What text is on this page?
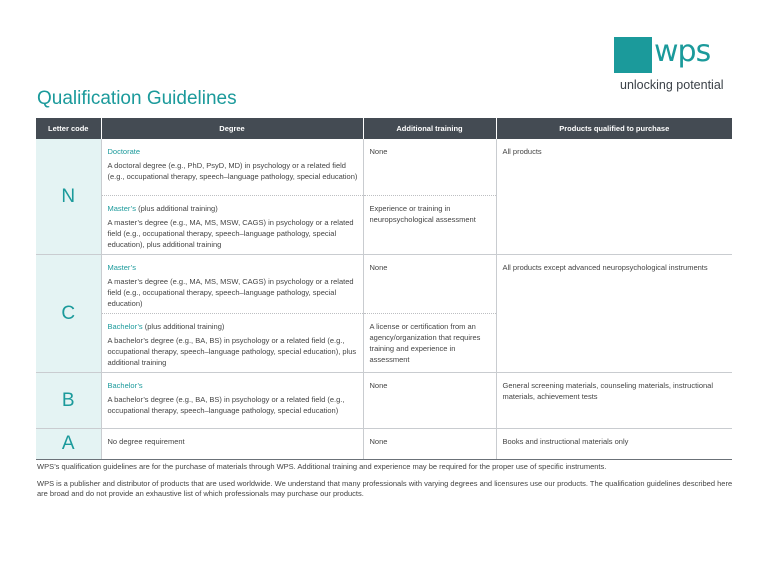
wps
unlocking potential
Qualification Guidelines
Letter code	Degree	Additional training	Products qualified to purchase
N	Doctorate
A doctoral degree (e.g., PhD, PsyD, MD) in psychology or a related field (e.g., occupational therapy, speech–language pathology, special education)	None	All products

	Master’s (plus additional training)
A master’s degree (e.g., MA, MS, MSW, CAGS) in psychology or a related field (e.g., occupational therapy, speech–language pathology, special education), plus additional training	Experience or training in neuropsychological assessment	
C	Master’s
A master’s degree (e.g., MA, MS, MSW, CAGS) in psychology or a related field (e.g., occupational therapy, speech–language pathology, special education)	None	All products except advanced neuropsychological instruments

	Bachelor’s (plus additional training)
A bachelor’s degree (e.g., BA, BS) in psychology or a related field (e.g., occupational therapy, speech–language pathology, special education), plus additional training	A license or certification from an agency/organization that requires training and experience in assessment	
B	Bachelor’s
A bachelor’s degree (e.g., BA, BS) in psychology or a related field (e.g., occupational therapy, speech–language pathology, special education)	None	General screening materials, counseling materials, instructional materials, achievement tests
A	No degree requirement	None	Books and instructional materials only

WPS’s qualification guidelines are for the purchase of materials through WPS. Additional training and experience may be required for the proper use of specific instruments.

WPS is a publisher and distributor of products that are used worldwide. We understand that many professionals with varying degrees and licensures use our products. The qualification guidelines described here are broad and do not provide an exhaustive list of which professionals may purchase our products.
